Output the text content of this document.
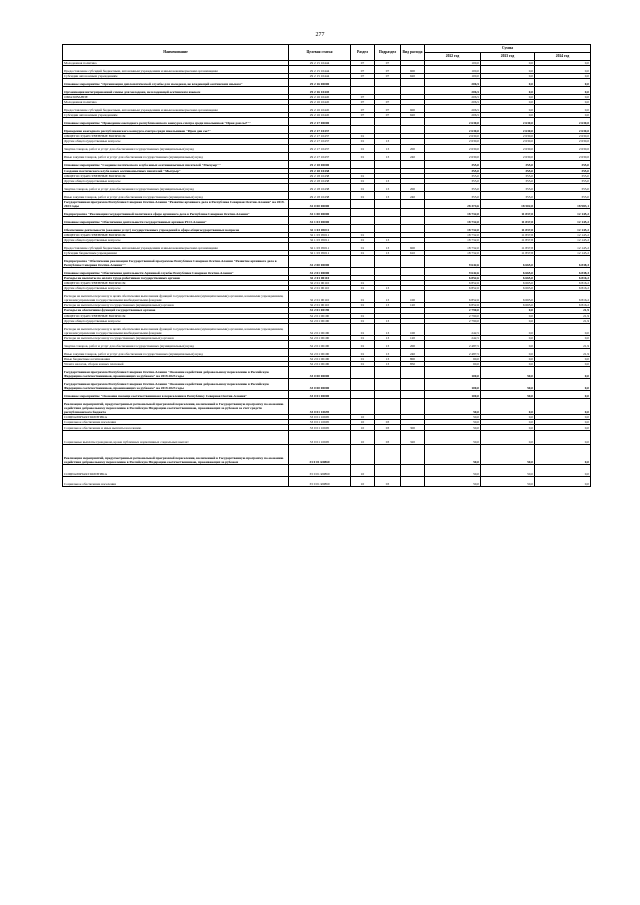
277
Наименование	Целевая статья	Раздел	Подраздел	Вид расхода	Сумма		
					2022 год	2023 год	2024 год
Молодежная политика	29 2 15 10444	07	07		100,0	0,0	0,0
Предоставление субсидий бюджетным, автономным учреждениям и иным некоммерческим организациям	29 2 15 10444	07	07	600	100,0	0,0	0,0
Субсидии автономным учреждениям	29 2 15 10444	07	07	620	100,0	0,0	0,0
Основное мероприятие "Организация дипломатической службы для молодежи, не владеющей осетинским языком"	29 2 16 00000				206,5	0,0	0,0
Организация интегрированной смены для молодежи, не владеющей осетинским языком	29 2 16 10445				206,5	0,0	0,0
ОБРАЗОВАНИЕ	29 2 16 10445	07			206,5	0,0	0,0
Молодежная политика	29 2 16 10445	07	07		206,5	0,0	0,0
Предоставление субсидий бюджетным, автономным учреждениям и иным некоммерческим организациям	29 2 16 10445	07	07	600	206,5	0,0	0,0
Субсидии автономным учреждениям	29 2 16 10445	07	07	620	206,5	0,0	0,0
Основное мероприятие "Проведение ежегодного республиканского конкурса-смотра среди школьников "Ирон дан сы?""	29 2 17 00000				2 630,0	2 630,0	2 630,0
Проведение ежегодного республиканского конкурса-смотра среди школьников "Ирон дан сы?"	29 2 17 10437				2 630,0	2 630,0	2 630,0
ОБЩЕГОСУДАРСТВЕННЫЕ ВОПРОСЫ	29 2 17 10437	01			2 630,0	2 630,0	2 630,0
Другие общегосударственные вопросы	29 2 17 10437	01	13		2 630,0	2 630,0	2 630,0
Закупка товаров, работ и услуг для обеспечения государственных (муниципальных) нужд	29 2 17 10437	01	13	200	2 630,0	2 630,0	2 630,0
Иные закупки товаров, работ и услуг для обеспечения государственных (муниципальных) нужд	29 2 17 10437	01	13	240	2 630,0	2 630,0	2 630,0
Основное мероприятие "Создание поэтического клуба юных осетиноязычных писателей "Мыхуыр""	29 2 18 00000				355,0	355,0	355,0
Создание поэтического клуба юных осетиноязычных писателей "Мыхуыр"	29 2 18 10438				355,0	355,0	355,0
ОБЩЕГОСУДАРСТВЕННЫЕ ВОПРОСЫ	29 2 18 10438	01			355,0	355,0	355,0
Другие общегосударственные вопросы	29 2 18 10438	01	13		355,0	355,0	355,0
Закупка товаров, работ и услуг для обеспечения государственных (муниципальных) нужд	29 2 18 10438	01	13	200	355,0	355,0	355,0
Иные закупки товаров, работ и услуг для обеспечения государственных (муниципальных) нужд	29 2 18 10438	01	13	240	355,0	355,0	355,0
Государственная программа Республики Северная Осетия-Алания "Развитие архивного дела в Республике Северная Осетия-Алания" на 2019-2023 годы	32 0 00 00000				28 374,6	18 502,8	18 983,1
Подпрограмма "Реализация государственной политики в сфере архивного дела в Республике Северная Осетия-Алания"	32 1 00 00000				18 732,0	11 837,8	12 145,2
Основное мероприятие "Обеспечение деятельности государственных архивов РСО-Алания"	32 1 03 00000				18 732,0	11 837,8	12 145,2
Обеспечение деятельности (оказание услуг) государственных учреждений в сфере общегосударственных вопросов	32 1 03 05011				18 732,0	11 837,8	12 145,2
ОБЩЕГОСУДАРСТВЕННЫЕ ВОПРОСЫ	32 1 03 05011	01			18 732,0	11 837,8	12 145,2
Другие общегосударственные вопросы	32 1 03 05011	01	13		18 732,0	11 837,8	12 145,2
Предоставление субсидий бюджетным, автономным учреждениям и иным некоммерческим организациям	32 1 03 05011	01	13	600	18 732,0	11 837,8	12 145,2
Субсидии бюджетным учреждениям	32 1 03 05011	01	13	610	18 732,0	11 837,8	12 145,2
Подпрограмма "Обеспечение реализации Государственной программы Республики Северная Осетия-Алания "Развитие архивного дела в Республике Северная Осетия-Алания""	32 2 00 00000				9 642,6	6 665,0	6 838,3
Основное мероприятие "Обеспечение деятельности Архивной службы Республики Северная Осетия-Алания"	32 2 01 00000				9 642,6	6 665,0	6 838,3
Расходы на выплаты по оплате труда работников государственных органов	32 2 01 00110				6 852,6	6 665,0	6 816,2
ОБЩЕГОСУДАРСТВЕННЫЕ ВОПРОСЫ	32 2 01 00110	01			6 852,6	6 665,0	6 816,2
Другие общегосударственные вопросы	32 2 01 00110	01	13		6 852,6	6 665,0	6 816,2
Расходы на выплаты персоналу в целях обеспечения выполнения функций государственными (муниципальными) органами, казенными учреждениями, органами управления государственными внебюджетными фондами	32 2 01 00110	01	13	100	6 852,6	6 665,0	6 816,2
Расходы на выплаты персоналу государственных (муниципальных) органов	32 2 01 00110	01	13	120	6 852,6	6 665,0	6 816,2
Расходы на обеспечение функций государственных органов	32 2 01 00190				2 790,0	0,0	21,9
ОБЩЕГОСУДАРСТВЕННЫЕ ВОПРОСЫ	32 2 01 00190	01			2 790,0	0,0	21,9
Другие общегосударственные вопросы	32 2 01 00190	01	13		2 790,0	0,0	21,9
Расходы на выплаты персоналу в целях обеспечения выполнения функций государственными (муниципальными) органами, казенными учреждениями, органами управления государственными внебюджетными фондами	32 2 01 00190	01	13	100	242,5	0,0	0,0
Расходы на выплаты персоналу государственных (муниципальных) органов	32 2 01 00190	01	13	120	242,5	0,0	0,0
Закупка товаров, работ и услуг для обеспечения государственных (муниципальных) нужд	32 2 01 00190	01	13	200	2 487,5	0,0	21,9
Иные закупки товаров, работ и услуг для обеспечения государственных (муниципальных) нужд	32 2 01 00190	01	13	240	2 487,5	0,0	21,9
Иные бюджетные ассигнования	32 2 01 00190	01	13	800	60,0	0,0	0,0
Уплата налогов, сборов и иных платежей	32 2 01 00190	01	13	850	60,0	0,0	0,0
Государственная программа Республики Северная Осетия-Алания "Оказание содействия добровольному переселению в Российскую Федерацию соотечественников, проживающих за рубежом" на 2019-2023 годы	33 0 00 00000				100,0	50,0	0,0
Государственная программа Республики Северная Осетия-Алания "Оказание содействия добровольному переселению в Российскую Федерацию соотечественников, проживающих за рубежом" на 2019-2023 годы	33 0 00 00000				100,0	50,0	0,0
Основное мероприятие "Оказание помощи соотечественникам в переселении в Республику Северная Осетия-Алания"	33 0 01 00000				100,0	50,0	0,0
Реализация мероприятий, предусмотренных региональной программой переселения, включенной в Государственную программу по оказанию содействия добровольному переселению в Российскую Федерацию соотечественников, проживающих за рубежом за счет средств республиканского бюджета	33 0 01 10695				50,0	0,0	0,0
СОЦИАЛЬНАЯ ПОЛИТИКА	33 0 01 10695	10			50,0	0,0	0,0
Социальное обеспечение населения	33 0 01 10695	10	03		50,0	0,0	0,0
Социальное обеспечение и иные выплаты населению	33 0 01 10695	10	03	300	50,0	0,0	0,0
Социальные выплаты гражданам, кроме публичных нормативных социальных выплат	33 0 01 10695	10	03	320	50,0	0,0	0,0
Реализация мероприятий, предусмотренных региональной программой переселения, включенной в Государственную программу по оказанию содействия добровольному переселению в Российскую Федерацию соотечественников, проживающих за рубежом	33 0 01 R0860				50,0	50,0	0,0
СОЦИАЛЬНАЯ ПОЛИТИКА	33 0 01 R0860	10			50,0	50,0	0,0
Социальное обеспечение населения	33 0 01 R0860	10	03		50,0	50,0	0,0
